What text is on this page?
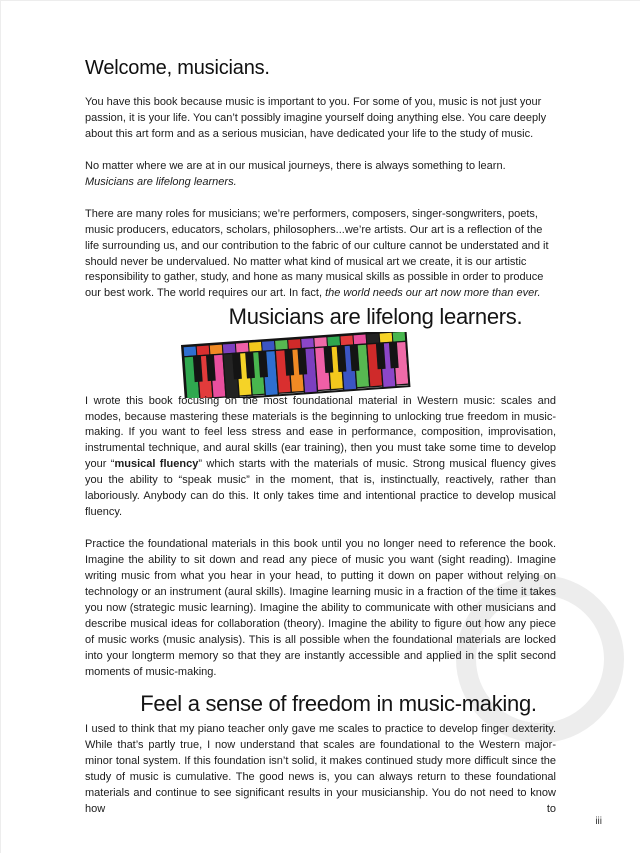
Welcome, musicians.

You have this book because music is important to you. For some of you, music is not just your passion, it is your life. You can’t possibly imagine yourself doing anything else. You care deeply about this art form and as a serious musician, have dedicated your life to the study of music.

No matter where we are at in our musical journeys, there is always something to learn. Musicians are lifelong learners.

There are many roles for musicians; we’re performers, composers, singer-songwriters, poets, music producers, educators, scholars, philosophers...we’re artists. Our art is a reflection of the life surrounding us, and our contribution to the fabric of our culture cannot be understated and it should never be undervalued. No matter what kind of musical art we create, it is our artistic responsibility to gather, study, and hone as many musical skills as possible in order to produce our best work. The world requires our art. In fact, the world needs our art now more than ever.

Musicians are lifelong learners.

I wrote this book focusing on the most foundational material in Western music: scales and modes, because mastering these materials is the beginning to unlocking true freedom in music-making. If you want to feel less stress and ease in performance, composition, improvisation, instrumental technique, and aural skills (ear training), then you must take some time to develop your “musical fluency” which starts with the materials of music. Strong musical fluency gives you the ability to “speak music” in the moment, that is, instinctually, reactively, rather than laboriously. Anybody can do this. It only takes time and intentional practice to develop musical fluency.

Practice the foundational materials in this book until you no longer need to reference the book. Imagine the ability to sit down and read any piece of music you want (sight reading). Imagine writing music from what you hear in your head, to putting it down on paper without relying on technology or an instrument (aural skills). Imagine learning music in a fraction of the time it takes you now (strategic music learning). Imagine the ability to communicate with other musicians and describe musical ideas for collaboration (theory). Imagine the ability to figure out how any piece of music works (music analysis). This is all possible when the foundational materials are locked into your longterm memory so that they are instantly accessible and applied in the split second moments of music-making.

Feel a sense of freedom in music-making.

I used to think that my piano teacher only gave me scales to practice to develop finger dexterity. While that’s partly true, I now understand that scales are foundational to the Western major-minor tonal system. If this foundation isn’t solid, it makes continued study more difficult since the study of music is cumulative. The good news is, you can always return to these foundational materials and continue to see significant results in your musicianship. You do not need to know how to

iii
